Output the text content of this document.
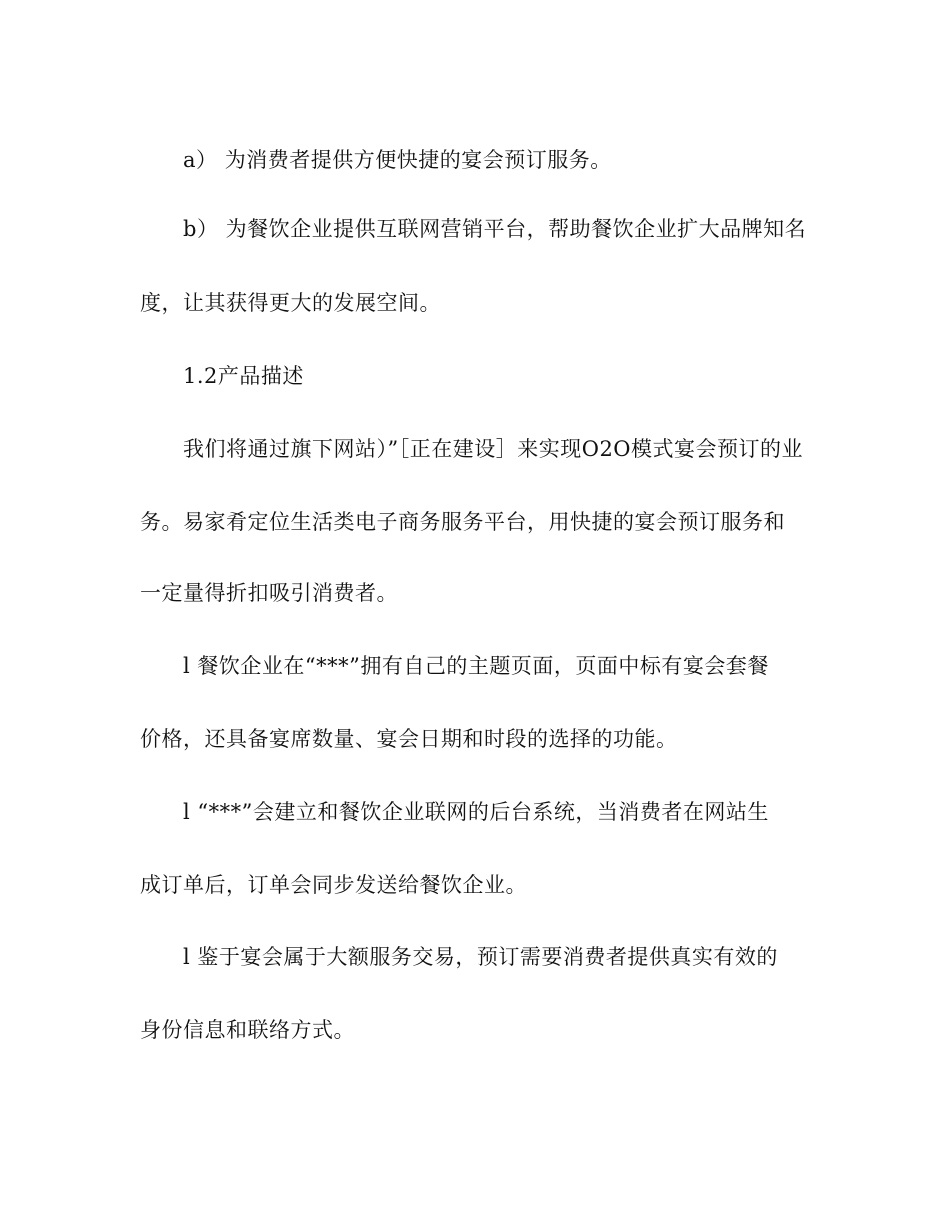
a） 为消费者提供方便快捷的宴会预订服务。
b） 为餐饮企业提供互联网营销平台，帮助餐饮企业扩大品牌知名
度，让其获得更大的发展空间。
1.2产品描述
我们将通过旗下网站）”［正在建设］来实现O2O模式宴会预订的业
务。易家肴定位生活类电子商务服务平台，用快捷的宴会预订服务和
一定量得折扣吸引消费者。
l 餐饮企业在“***”拥有自己的主题页面，页面中标有宴会套餐
价格，还具备宴席数量、宴会日期和时段的选择的功能。
l “***”会建立和餐饮企业联网的后台系统，当消费者在网站生
成订单后，订单会同步发送给餐饮企业。
l 鉴于宴会属于大额服务交易，预订需要消费者提供真实有效的
身份信息和联络方式。
